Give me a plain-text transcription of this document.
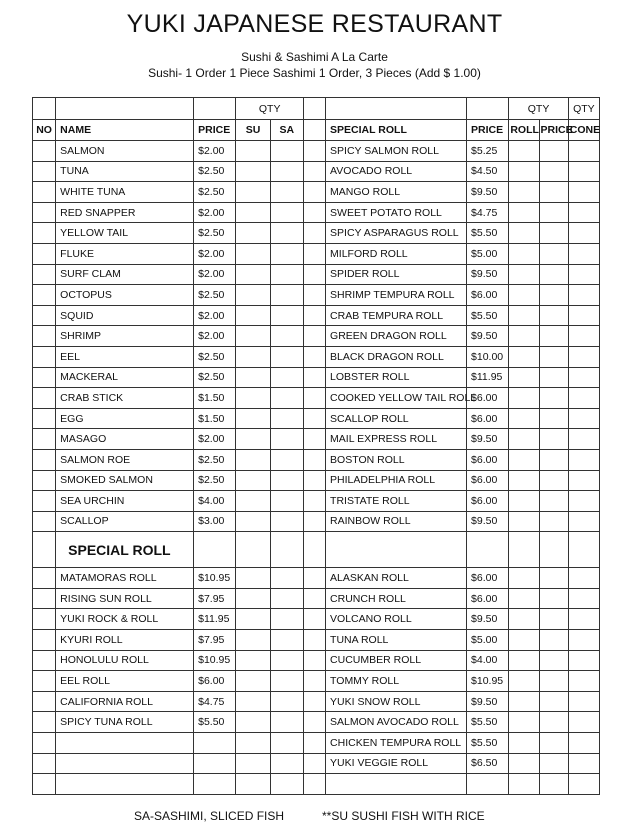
YUKI JAPANESE RESTAURANT
Sushi & Sashimi A La Carte
Sushi- 1 Order 1 Piece Sashimi 1 Order, 3 Pieces (Add $ 1.00)
			QTY					QTY		QTY
NO	NAME	PRICE	SU	SA		SPECIAL ROLL	PRICE	ROLL	PRICE	CONE
	SALMON	$2.00				SPICY SALMON ROLL	$5.25			
	TUNA	$2.50				AVOCADO ROLL	$4.50			
	WHITE TUNA	$2.50				MANGO ROLL	$9.50			
	RED SNAPPER	$2.00				SWEET POTATO ROLL	$4.75			
	YELLOW TAIL	$2.50				SPICY ASPARAGUS ROLL	$5.50			
	FLUKE	$2.00				MILFORD ROLL	$5.00			
	SURF CLAM	$2.00				SPIDER ROLL	$9.50			
	OCTOPUS	$2.50				SHRIMP TEMPURA ROLL	$6.00			
	SQUID	$2.00				CRAB TEMPURA ROLL	$5.50			
	SHRIMP	$2.00				GREEN DRAGON ROLL	$9.50			
	EEL	$2.50				BLACK DRAGON ROLL	$10.00			
	MACKERAL	$2.50				LOBSTER ROLL	$11.95			
	CRAB STICK	$1.50				COOKED YELLOW TAIL ROLL	$6.00			
	EGG	$1.50				SCALLOP ROLL	$6.00			
	MASAGO	$2.00				MAIL EXPRESS ROLL	$9.50			
	SALMON ROE	$2.50				BOSTON ROLL	$6.00			
	SMOKED SALMON	$2.50				PHILADELPHIA ROLL	$6.00			
	SEA URCHIN	$4.00				TRISTATE ROLL	$6.00			
	SCALLOP	$3.00				RAINBOW ROLL	$9.50			
	SPECIAL ROLL									
	MATAMORAS ROLL	$10.95				ALASKAN ROLL	$6.00			
	RISING SUN ROLL	$7.95				CRUNCH ROLL	$6.00			
	YUKI ROCK & ROLL	$11.95				VOLCANO ROLL	$9.50			
	KYURI ROLL	$7.95				TUNA ROLL	$5.00			
	HONOLULU ROLL	$10.95				CUCUMBER ROLL	$4.00			
	EEL ROLL	$6.00				TOMMY ROLL	$10.95			
	CALIFORNIA ROLL	$4.75				YUKI SNOW ROLL	$9.50			
	SPICY TUNA ROLL	$5.50				SALMON AVOCADO ROLL	$5.50			
						CHICKEN TEMPURA ROLL	$5.50			
						YUKI VEGGIE ROLL	$6.50			

SA-SASHIMI, SLICED FISH	**SU SUSHI FISH WITH RICE
